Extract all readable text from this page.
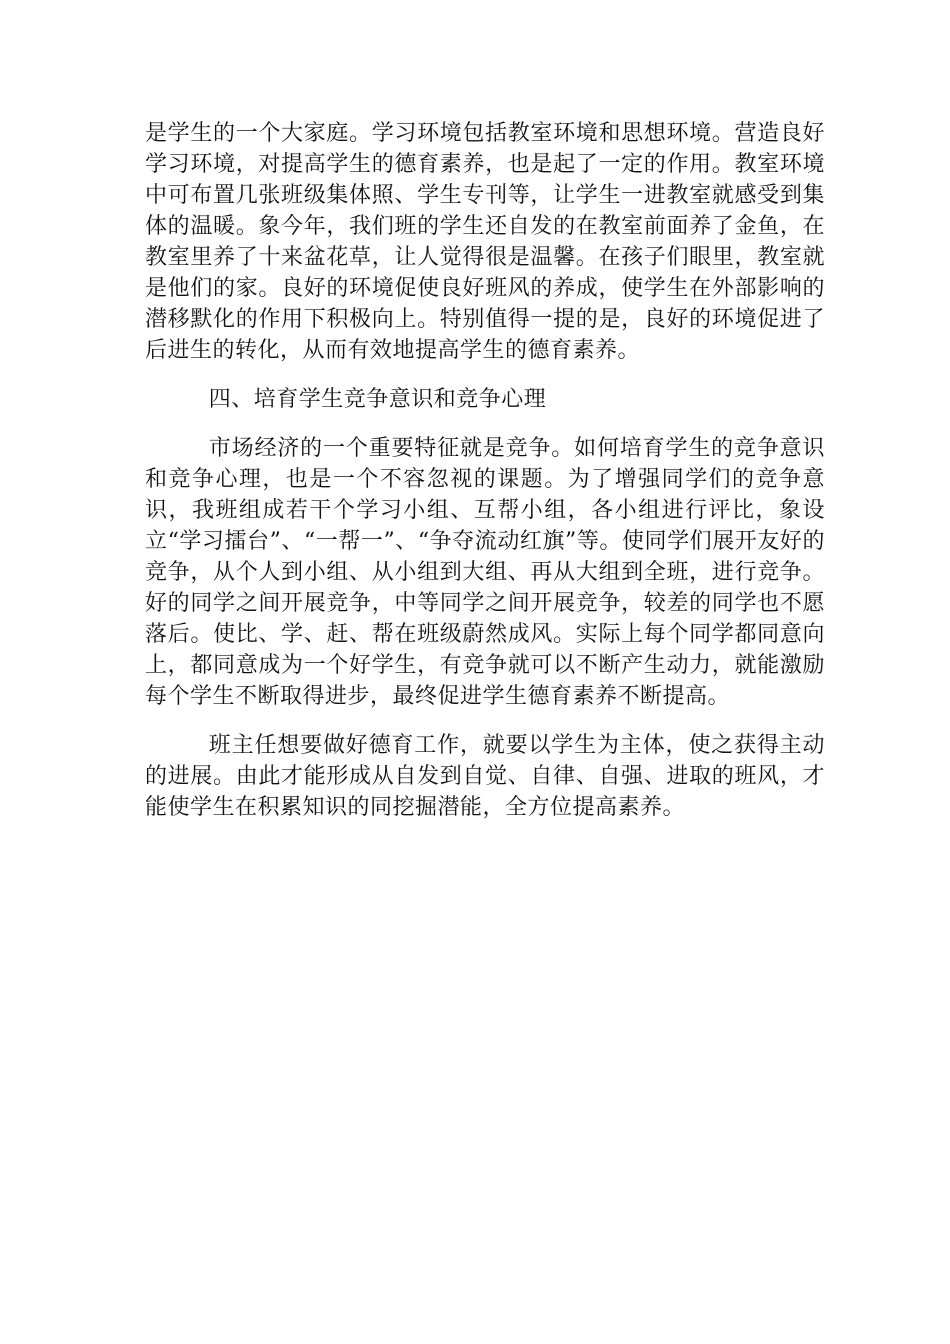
是学生的一个大家庭。学习环境包括教室环境和思想环境。营造良好学习环境，对提高学生的德育素养，也是起了一定的作用。教室环境中可布置几张班级集体照、学生专刊等，让学生一进教室就感受到集体的温暖。象今年，我们班的学生还自发的在教室前面养了金鱼，在教室里养了十来盆花草，让人觉得很是温馨。在孩子们眼里，教室就是他们的家。良好的环境促使良好班风的养成，使学生在外部影响的潜移默化的作用下积极向上。特别值得一提的是，良好的环境促进了后进生的转化，从而有效地提高学生的德育素养。

四、培育学生竞争意识和竞争心理

市场经济的一个重要特征就是竞争。如何培育学生的竞争意识和竞争心理，也是一个不容忽视的课题。为了增强同学们的竞争意识，我班组成若干个学习小组、互帮小组，各小组进行评比，象设立“学习擂台”、“一帮一”、“争夺流动红旗”等。使同学们展开友好的竞争，从个人到小组、从小组到大组、再从大组到全班，进行竞争。好的同学之间开展竞争，中等同学之间开展竞争，较差的同学也不愿落后。使比、学、赶、帮在班级蔚然成风。实际上每个同学都同意向上，都同意成为一个好学生，有竞争就可以不断产生动力，就能激励每个学生不断取得进步，最终促进学生德育素养不断提高。

班主任想要做好德育工作，就要以学生为主体，使之获得主动的进展。由此才能形成从自发到自觉、自律、自强、进取的班风，才能使学生在积累知识的同挖掘潜能，全方位提高素养。
